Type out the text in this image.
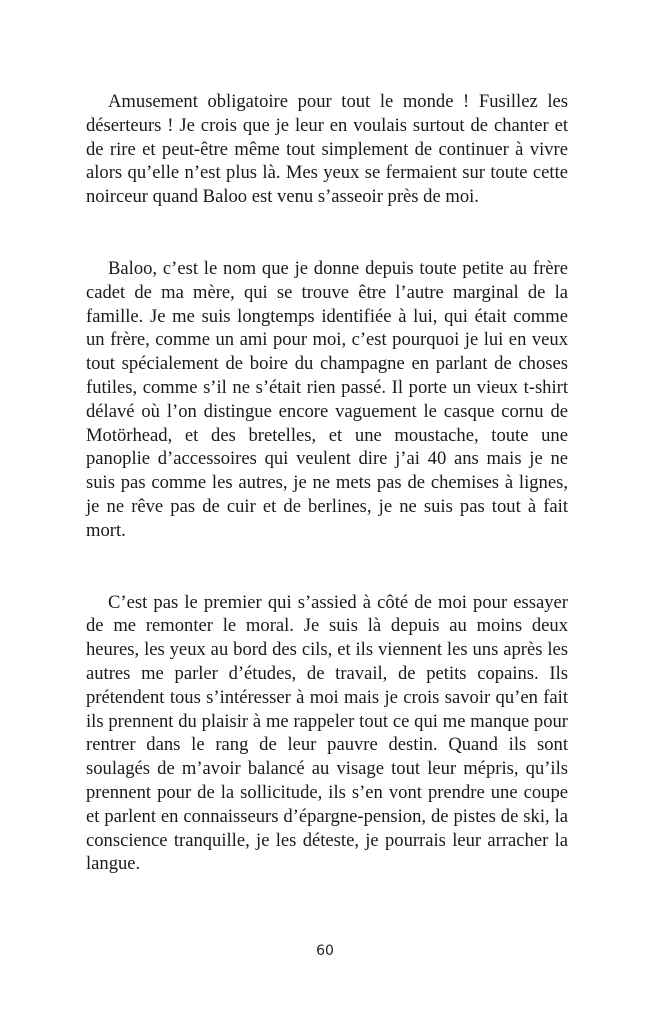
Amusement obligatoire pour tout le monde ! Fusillez les déserteurs ! Je crois que je leur en voulais surtout de chanter et de rire et peut-être même tout simplement de continuer à vivre alors qu’elle n’est plus là. Mes yeux se fermaient sur toute cette noirceur quand Baloo est venu s’asseoir près de moi.

Baloo, c’est le nom que je donne depuis toute petite au frère cadet de ma mère, qui se trouve être l’autre marginal de la famille. Je me suis longtemps identifiée à lui, qui était comme un frère, comme un ami pour moi, c’est pourquoi je lui en veux tout spécialement de boire du champagne en parlant de choses futiles, comme s’il ne s’était rien passé. Il porte un vieux t-shirt délavé où l’on distingue encore vaguement le casque cornu de Motörhead, et des bretelles, et une moustache, toute une panoplie d’accessoires qui veulent dire j’ai 40 ans mais je ne suis pas comme les autres, je ne mets pas de chemises à lignes, je ne rêve pas de cuir et de berlines, je ne suis pas tout à fait mort.

C’est pas le premier qui s’assied à côté de moi pour essayer de me remonter le moral. Je suis là depuis au moins deux heures, les yeux au bord des cils, et ils viennent les uns après les autres me parler d’études, de travail, de petits copains. Ils prétendent tous s’intéresser à moi mais je crois savoir qu’en fait ils prennent du plaisir à me rappeler tout ce qui me manque pour rentrer dans le rang de leur pauvre destin. Quand ils sont soulagés de m’avoir balancé au visage tout leur mépris, qu’ils prennent pour de la sollicitude, ils s’en vont prendre une coupe et parlent en connaisseurs d’épargne-pension, de pistes de ski, la conscience tranquille, je les déteste, je pourrais leur arracher la langue.

60
